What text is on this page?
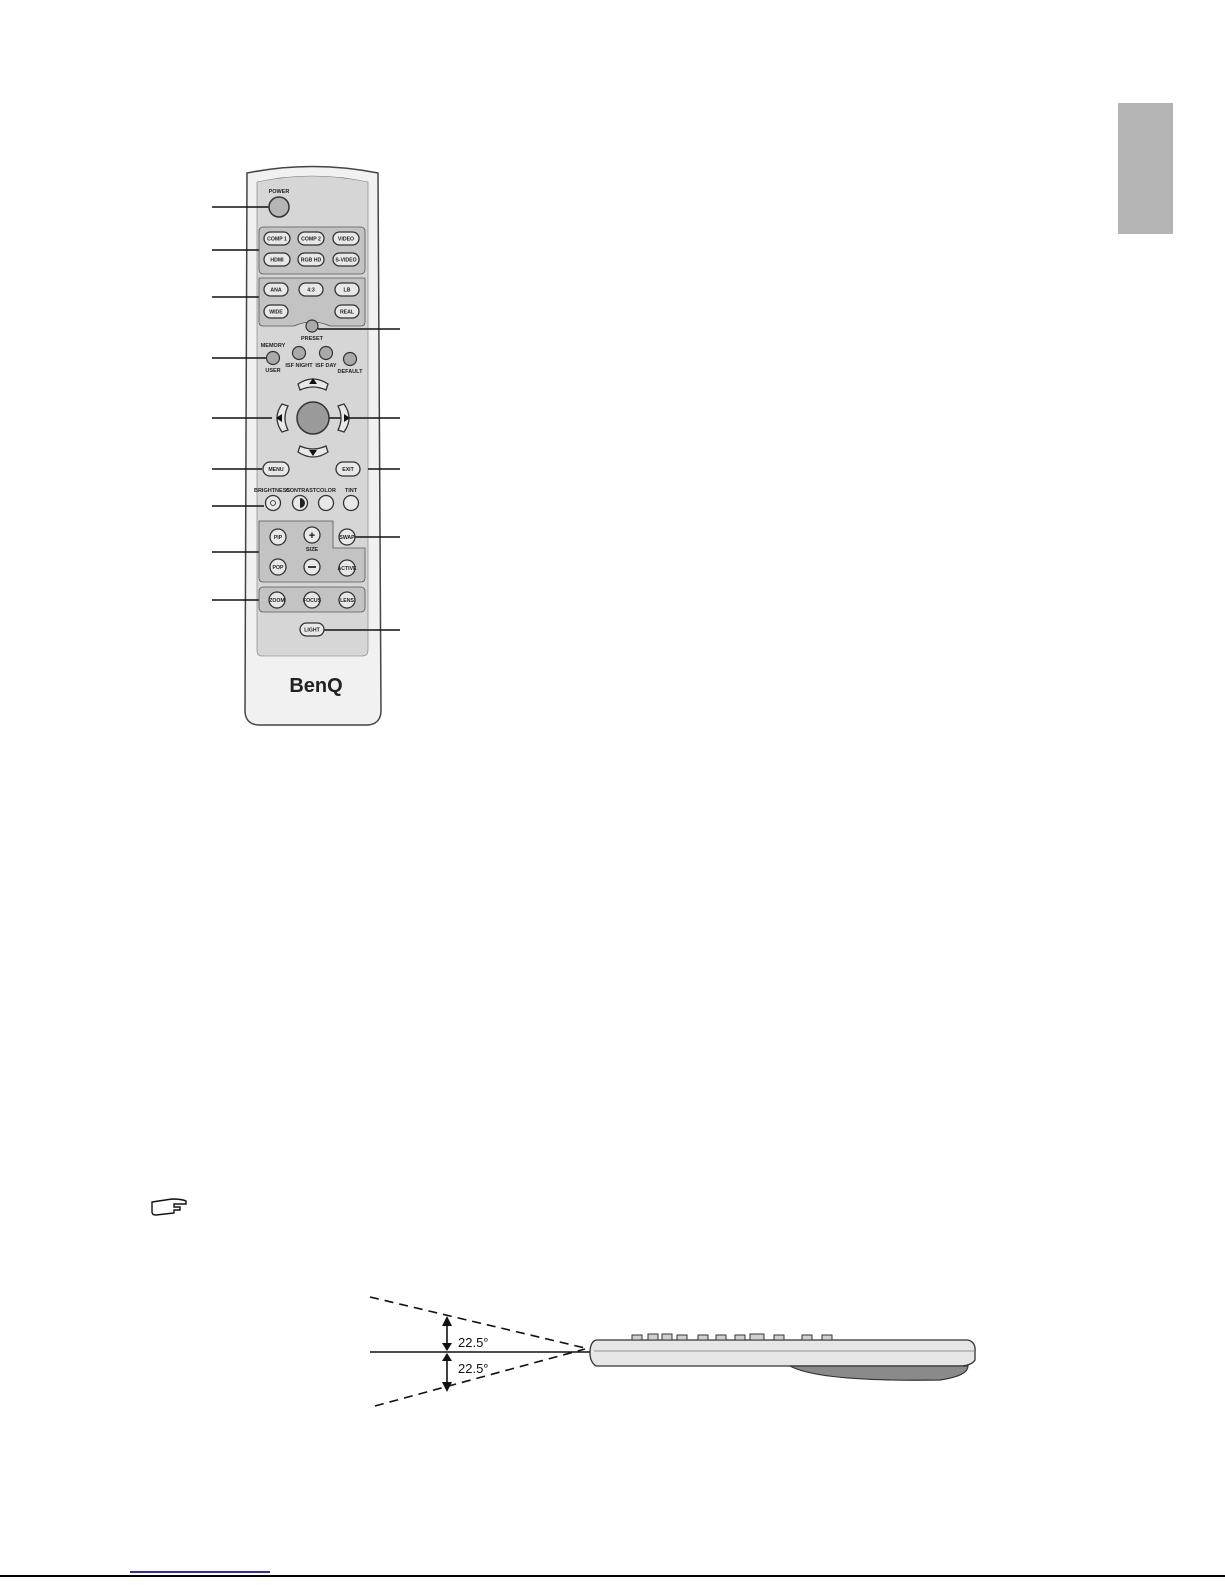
POWER
COMP 1	COMP 2	VIDEO
HDMI	RGB HD	S-VIDEO
ANA	4:3	LB
WIDE	REAL
PRESET
MEMORY
USER
ISF NIGHT ISF DAY
DEFAULT
MENU	EXIT
BRIGHTNESS
CONTRAST COLOR TINT
PIP +
SIZE
POP	ACTIVE
SWAP
ZOOM	FOCUS	LENS
LIGHT
BenQ
22.5°
22.5°
